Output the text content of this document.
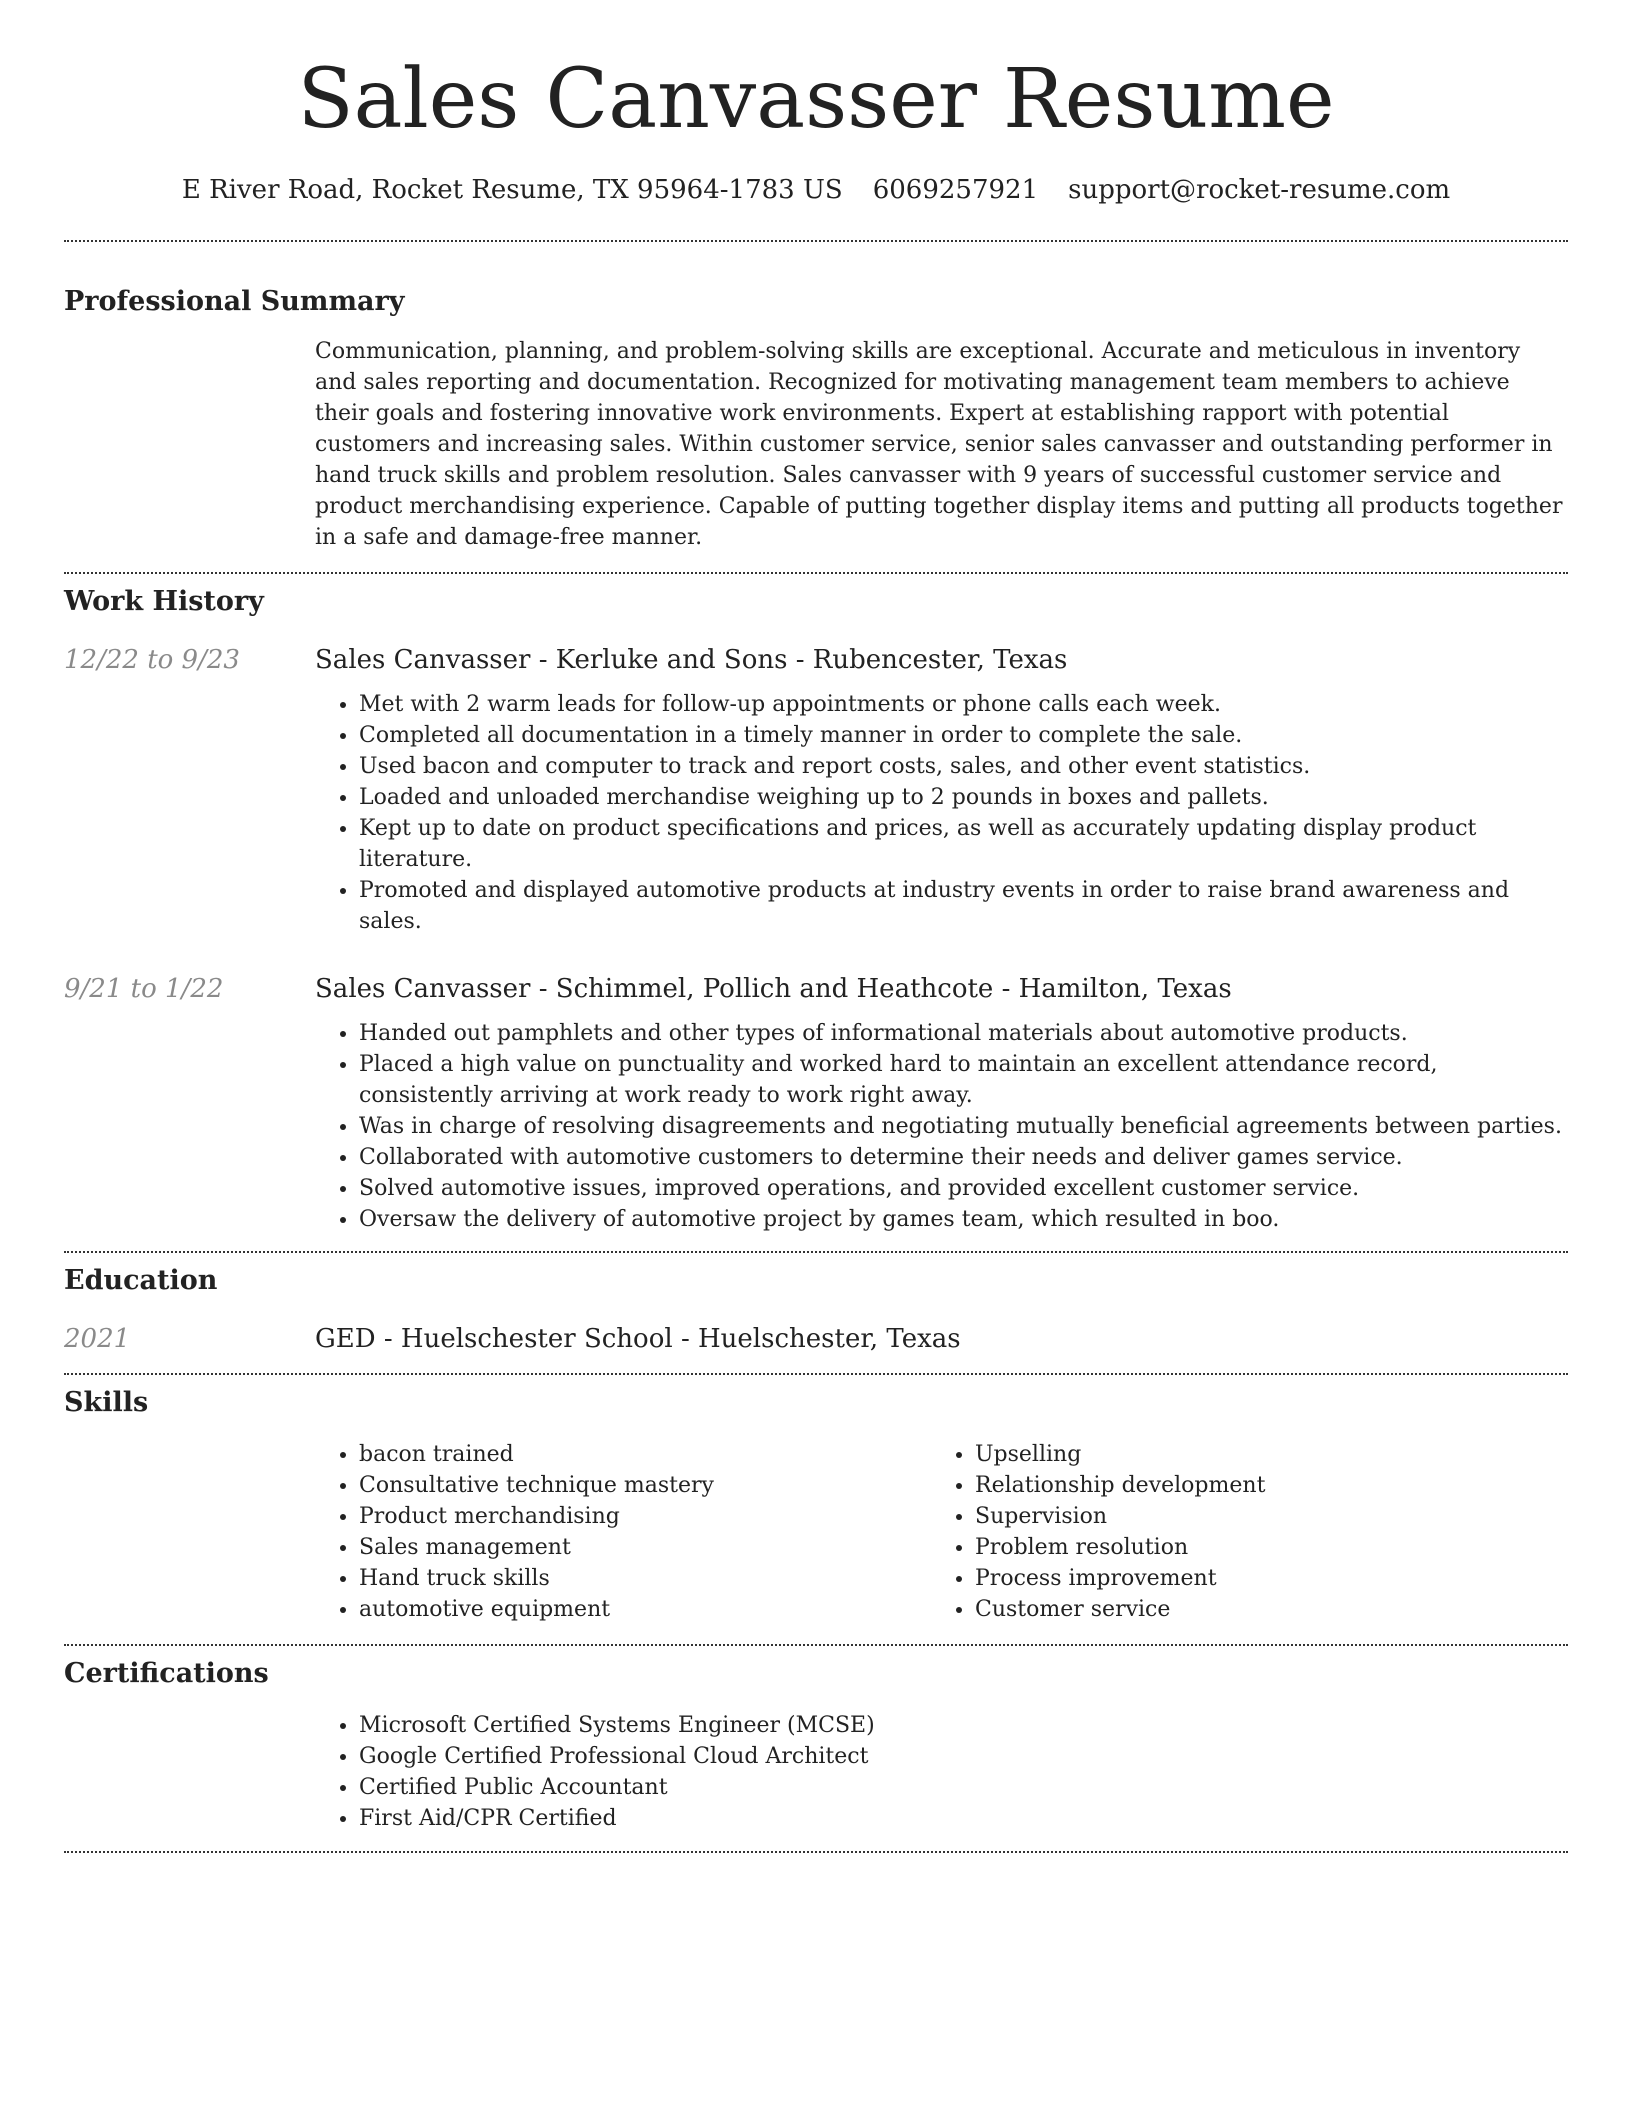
Sales Canvasser Resume
E River Road, Rocket Resume, TX 95964-1783 US 6069257921 support@rocket-resume.com
Professional Summary
Communication, planning, and problem-solving skills are exceptional. Accurate and meticulous in inventory and sales reporting and documentation. Recognized for motivating management team members to achieve their goals and fostering innovative work environments. Expert at establishing rapport with potential customers and increasing sales. Within customer service, senior sales canvasser and outstanding performer in hand truck skills and problem resolution. Sales canvasser with 9 years of successful customer service and product merchandising experience. Capable of putting together display items and putting all products together in a safe and damage-free manner.
Work History
12/22 to 9/23	Sales Canvasser - Kerluke and Sons - Rubencester, Texas
• Met with 2 warm leads for follow-up appointments or phone calls each week.
• Completed all documentation in a timely manner in order to complete the sale.
• Used bacon and computer to track and report costs, sales, and other event statistics.
• Loaded and unloaded merchandise weighing up to 2 pounds in boxes and pallets.
• Kept up to date on product specifications and prices, as well as accurately updating display product literature.
• Promoted and displayed automotive products at industry events in order to raise brand awareness and sales.
9/21 to 1/22	Sales Canvasser - Schimmel, Pollich and Heathcote - Hamilton, Texas
• Handed out pamphlets and other types of informational materials about automotive products.
• Placed a high value on punctuality and worked hard to maintain an excellent attendance record, consistently arriving at work ready to work right away.
• Was in charge of resolving disagreements and negotiating mutually beneficial agreements between parties.
• Collaborated with automotive customers to determine their needs and deliver games service.
• Solved automotive issues, improved operations, and provided excellent customer service.
• Oversaw the delivery of automotive project by games team, which resulted in boo.
Education
2021	GED - Huelschester School - Huelschester, Texas
Skills
• bacon trained
• Consultative technique mastery
• Product merchandising
• Sales management
• Hand truck skills
• automotive equipment
• Upselling
• Relationship development
• Supervision
• Problem resolution
• Process improvement
• Customer service
Certifications
• Microsoft Certified Systems Engineer (MCSE)
• Google Certified Professional Cloud Architect
• Certified Public Accountant
• First Aid/CPR Certified
